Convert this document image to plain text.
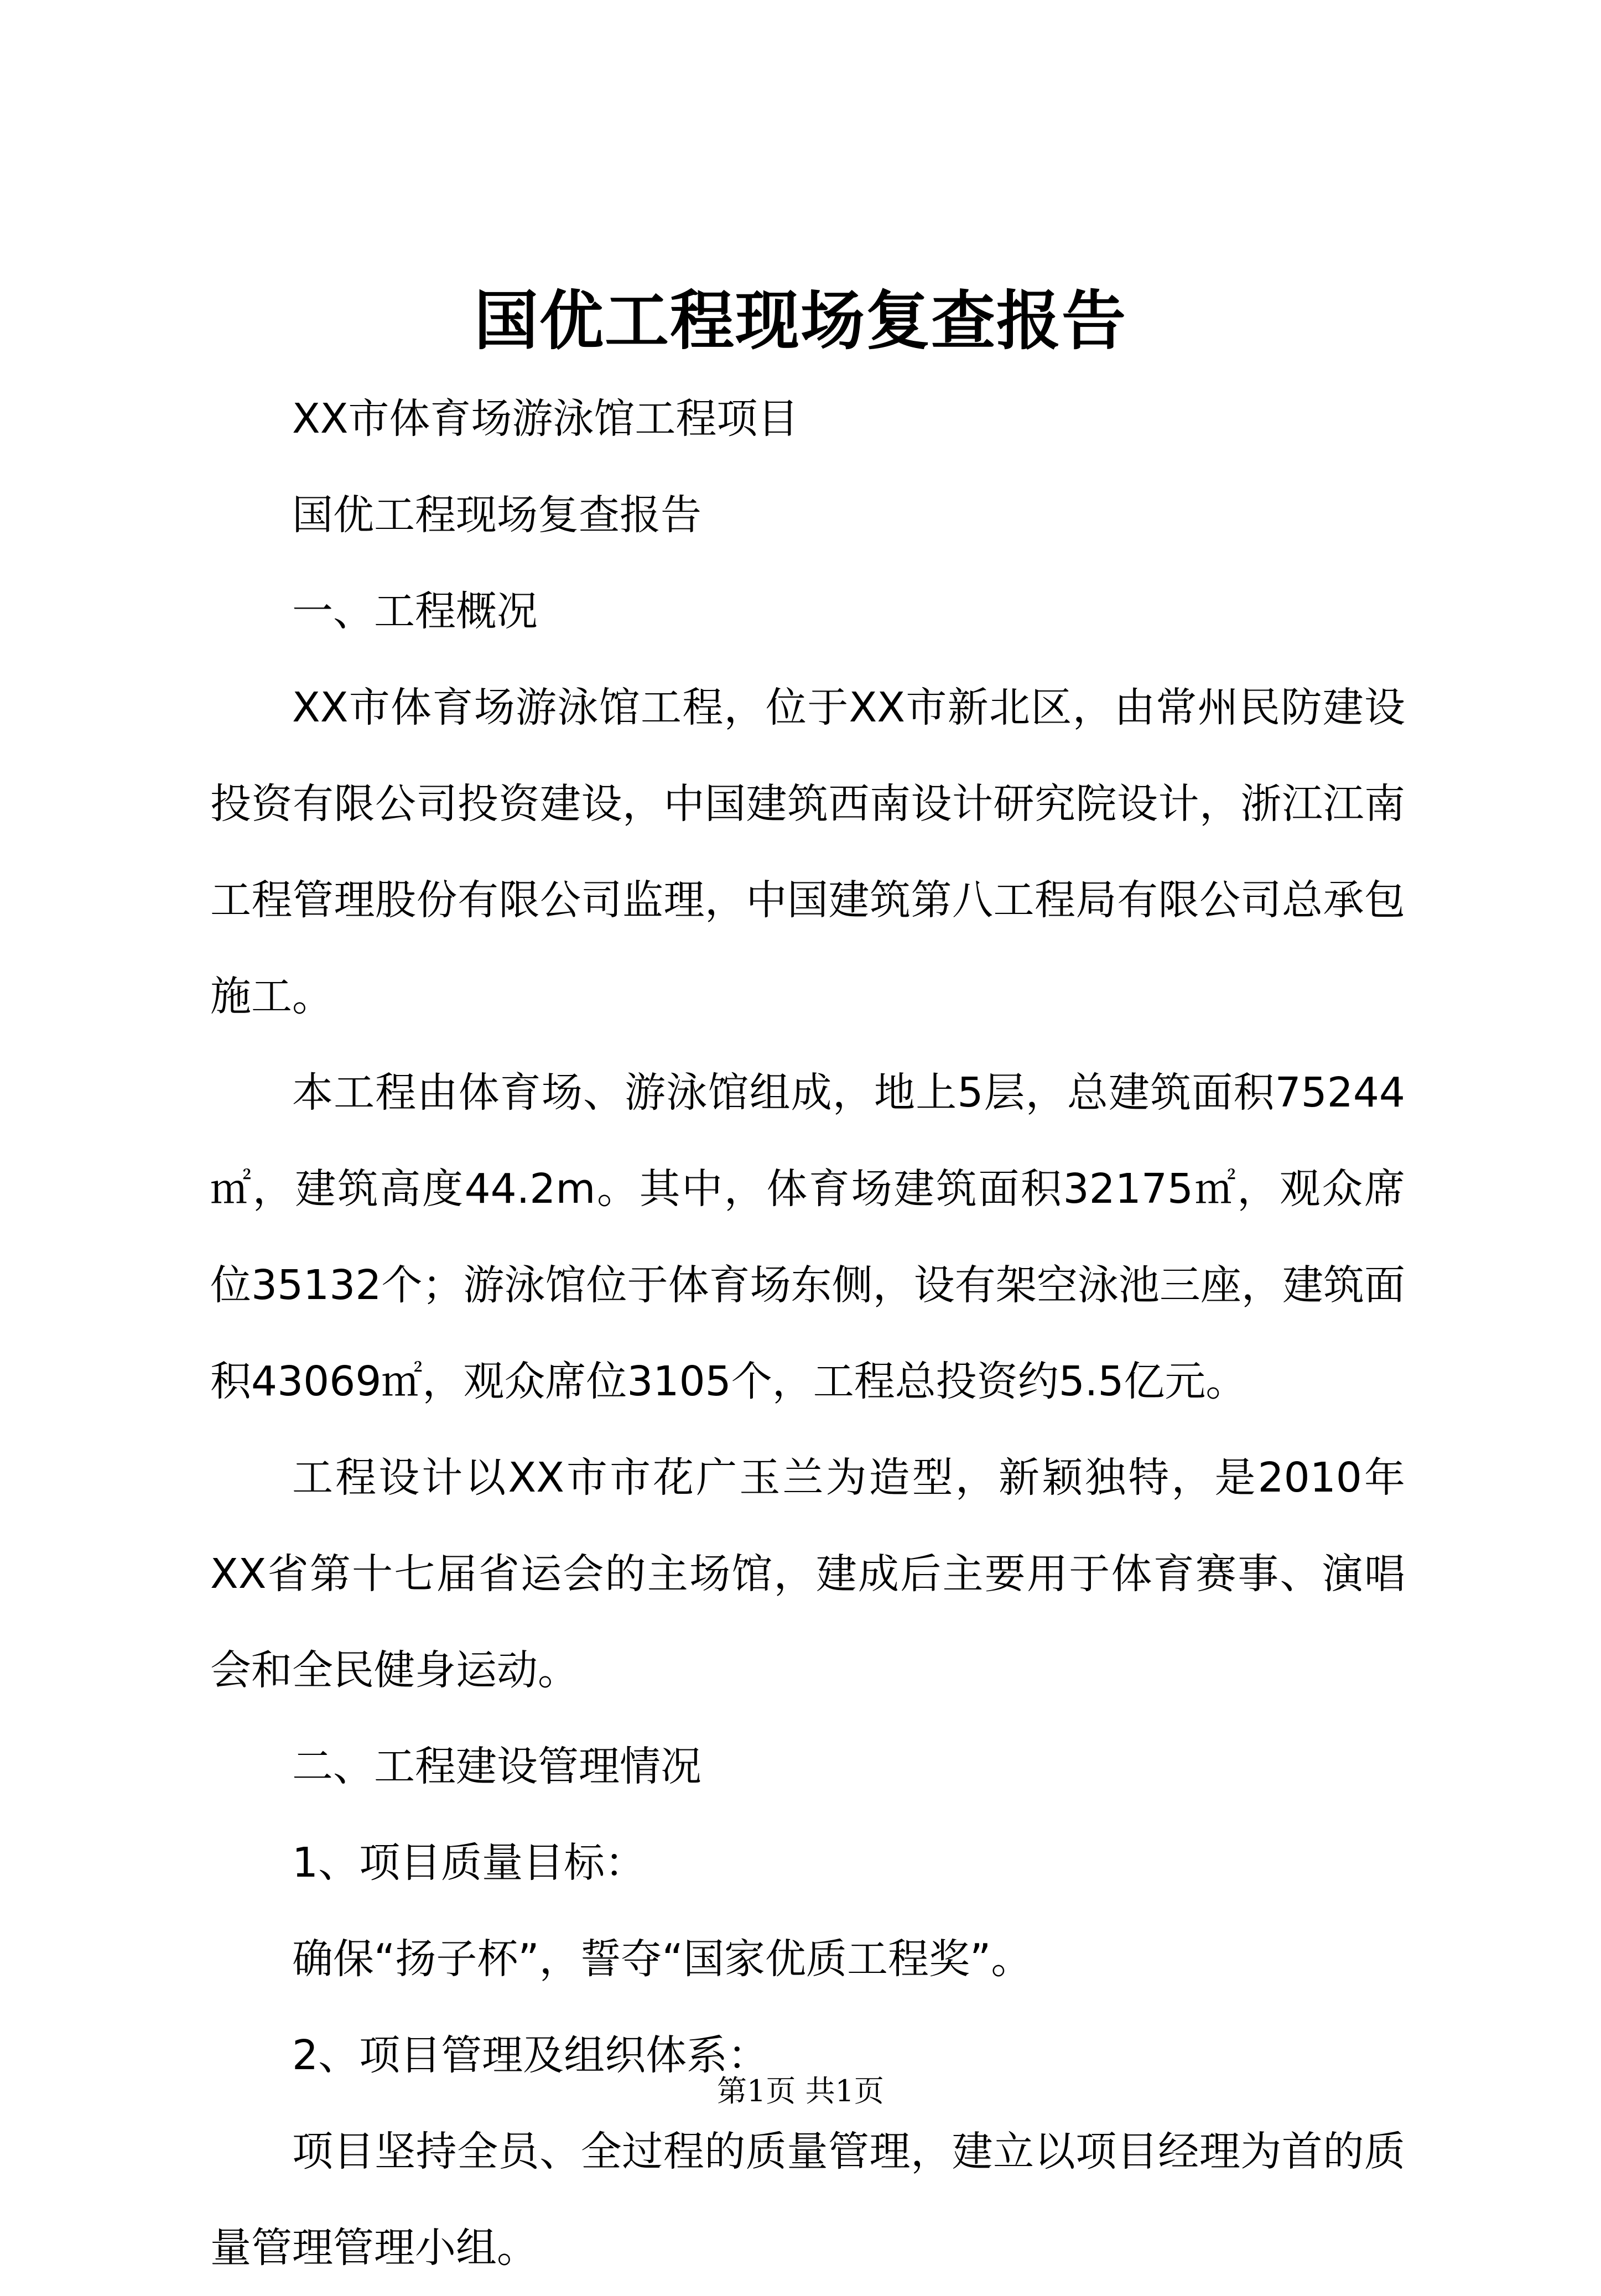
国优工程现场复查报告

XX市体育场游泳馆工程项目

国优工程现场复查报告

一、工程概况

XX市体育场游泳馆工程，位于XX市新北区，由常州民防建设投资有限公司投资建设，中国建筑西南设计研究院设计，浙江江南工程管理股份有限公司监理，中国建筑第八工程局有限公司总承包施工。

本工程由体育场、游泳馆组成，地上5层，总建筑面积75244㎡，建筑高度44.2m。其中，体育场建筑面积32175㎡，观众席位35132个；游泳馆位于体育场东侧，设有架空泳池三座，建筑面积43069㎡，观众席位3105个，工程总投资约5.5亿元。

工程设计以XX市市花广玉兰为造型，新颖独特，是2010年XX省第十七届省运会的主场馆，建成后主要用于体育赛事、演唱会和全民健身运动。

二、工程建设管理情况

1、项目质量目标：

确保“扬子杯”，誓夺“国家优质工程奖”。

2、项目管理及组织体系：

项目坚持全员、全过程的质量管理，建立以项目经理为首的质量管理管理小组。

第1页 共1页
